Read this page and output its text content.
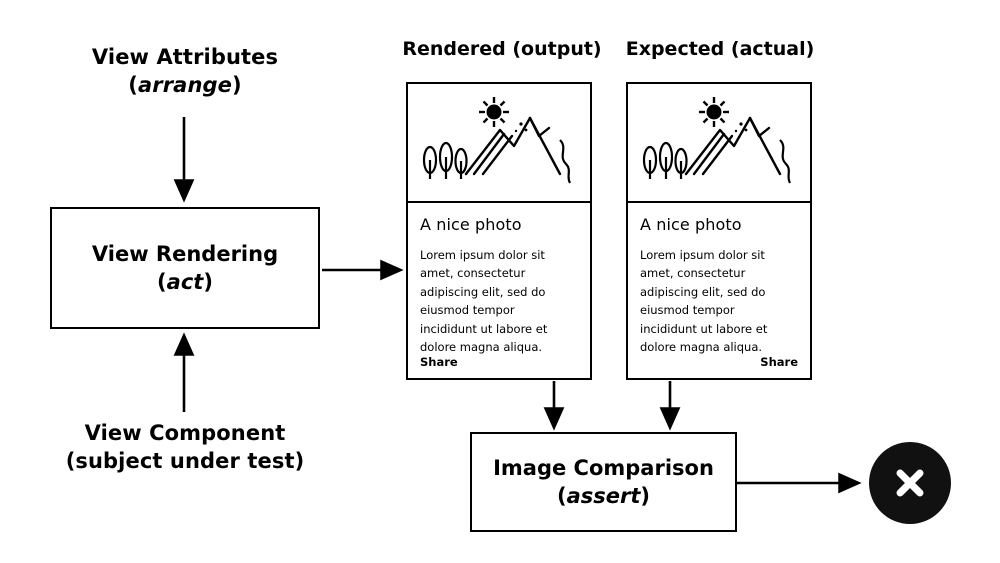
View Attributes
(arrange)
View Rendering
(act)
View Component
(subject under test)
Rendered (output)	Expected (actual)
A nice photo
Lorem ipsum dolor sit amet, consectetur adipiscing elit, sed do eiusmod tempor incididunt ut labore et dolore magna aliqua.
Share
A nice photo
Lorem ipsum dolor sit amet, consectetur adipiscing elit, sed do eiusmod tempor incididunt ut labore et dolore magna aliqua.
Share
Image Comparison
(assert)
